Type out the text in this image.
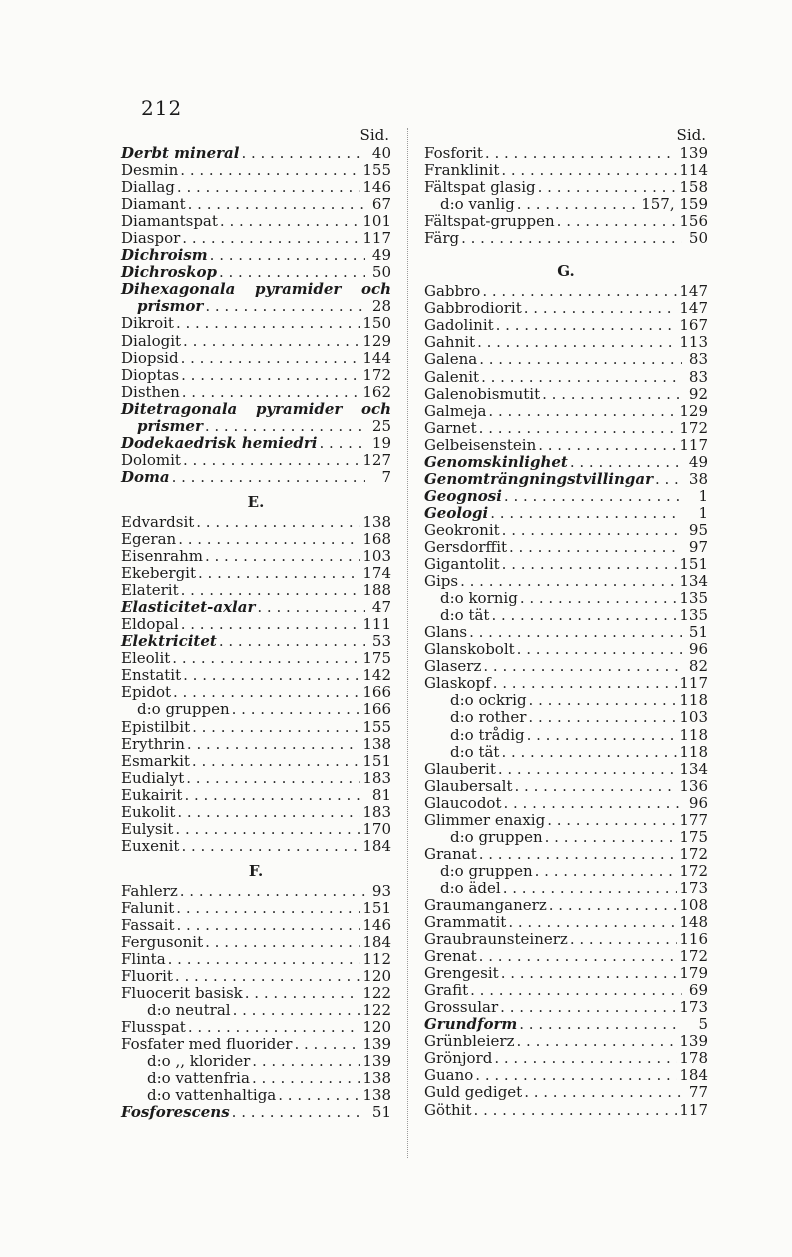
212
Sid.
Derbt mineral . . .	40
Desmin . . .	155
Diallag . . .	146
Diamant . . .	67
Diamantspat . . .	101
Diaspor . . .	117
Dichroism . . .	49
Dichroskop . . .	50
Dihexagonala pyramider och
prismor . . .	28
Dikroit . . .	150
Dialogit . . .	129
Diopsid . . .	144
Dioptas . . .	172
Disthen . . .	162
Ditetragonala pyramider och
prismer . . .	25
Dodekaedrisk hemiedri . . .	19
Dolomit . . .	127
Doma . . .	7
E.
Edvardsit . . .	138
Egeran . . .	168
Eisenrahm . . .	103
Ekebergit . . .	174
Elaterit . . .	188
Elasticitet-axlar . . .	47
Eldopal . . .	111
Elektricitet . . .	53
Eleolit . . .	175
Enstatit . . .	142
Epidot . . .	166
d:o gruppen . . .	166
Epistilbit . . .	155
Erythrin . . .	138
Esmarkit . . .	151
Eudialyt . . .	183
Eukairit . . .	81
Eukolit . . .	183
Eulysit . . .	170
Euxenit . . .	184
F.
Fahlerz . . .	93
Falunit . . .	151
Fassait . . .	146
Fergusonit . . .	184
Flinta . . .	112
Fluorit . . .	120
Fluocerit basisk . . .	122
d:o neutral . . .	122
Flusspat . . .	120
Fosfater med fluorider . . .	139
d:o ,, klorider . . .	139
d:o vattenfria . . .	138
d:o vattenhaltiga . . .	138
Fosforescens . . .	51
Sid.
Fosforit . . .	139
Franklinit . . .	114
Fältspat glasig . . .	158
d:o vanlig . . .	157, 159
Fältspat-gruppen . . .	156
Färg . . .	50
G.
Gabbro . . .	147
Gabbrodiorit . . .	147
Gadolinit . . .	167
Gahnit . . .	113
Galena . . .	83
Galenit . . .	83
Galenobismutit . . .	92
Galmeja . . .	129
Garnet . . .	172
Gelbeisenstein . . .	117
Genomskinlighet . . .	49
Genomträngningstvillingar . . .	38
Geognosi . . .	1
Geologi . . .	1
Geokronit . . .	95
Gersdorffit . . .	97
Gigantolit . . .	151
Gips . . .	134
d:o kornig . . .	135
d:o tät . . .	135
Glans . . .	51
Glanskobolt . . .	96
Glaserz . . .	82
Glaskopf . . .	117
d:o ockrig . . .	118
d:o rother . . .	103
d:o trådig . . .	118
d:o tät . . .	118
Glauberit . . .	134
Glaubersalt . . .	136
Glaucodot . . .	96
Glimmer enaxig . . .	177
d:o gruppen . . .	175
Granat . . .	172
d:o gruppen . . .	172
d:o ädel . . .	173
Graumanganerz . . .	108
Grammatit . . .	148
Graubraunsteinerz . . .	116
Grenat . . .	172
Grengesit . . .	179
Grafit . . .	69
Grossular . . .	173
Grundform . . .	5
Grünbleierz . . .	139
Grönjord . . .	178
Guano . . .	184
Guld gediget . . .	77
Göthit . . .	117
